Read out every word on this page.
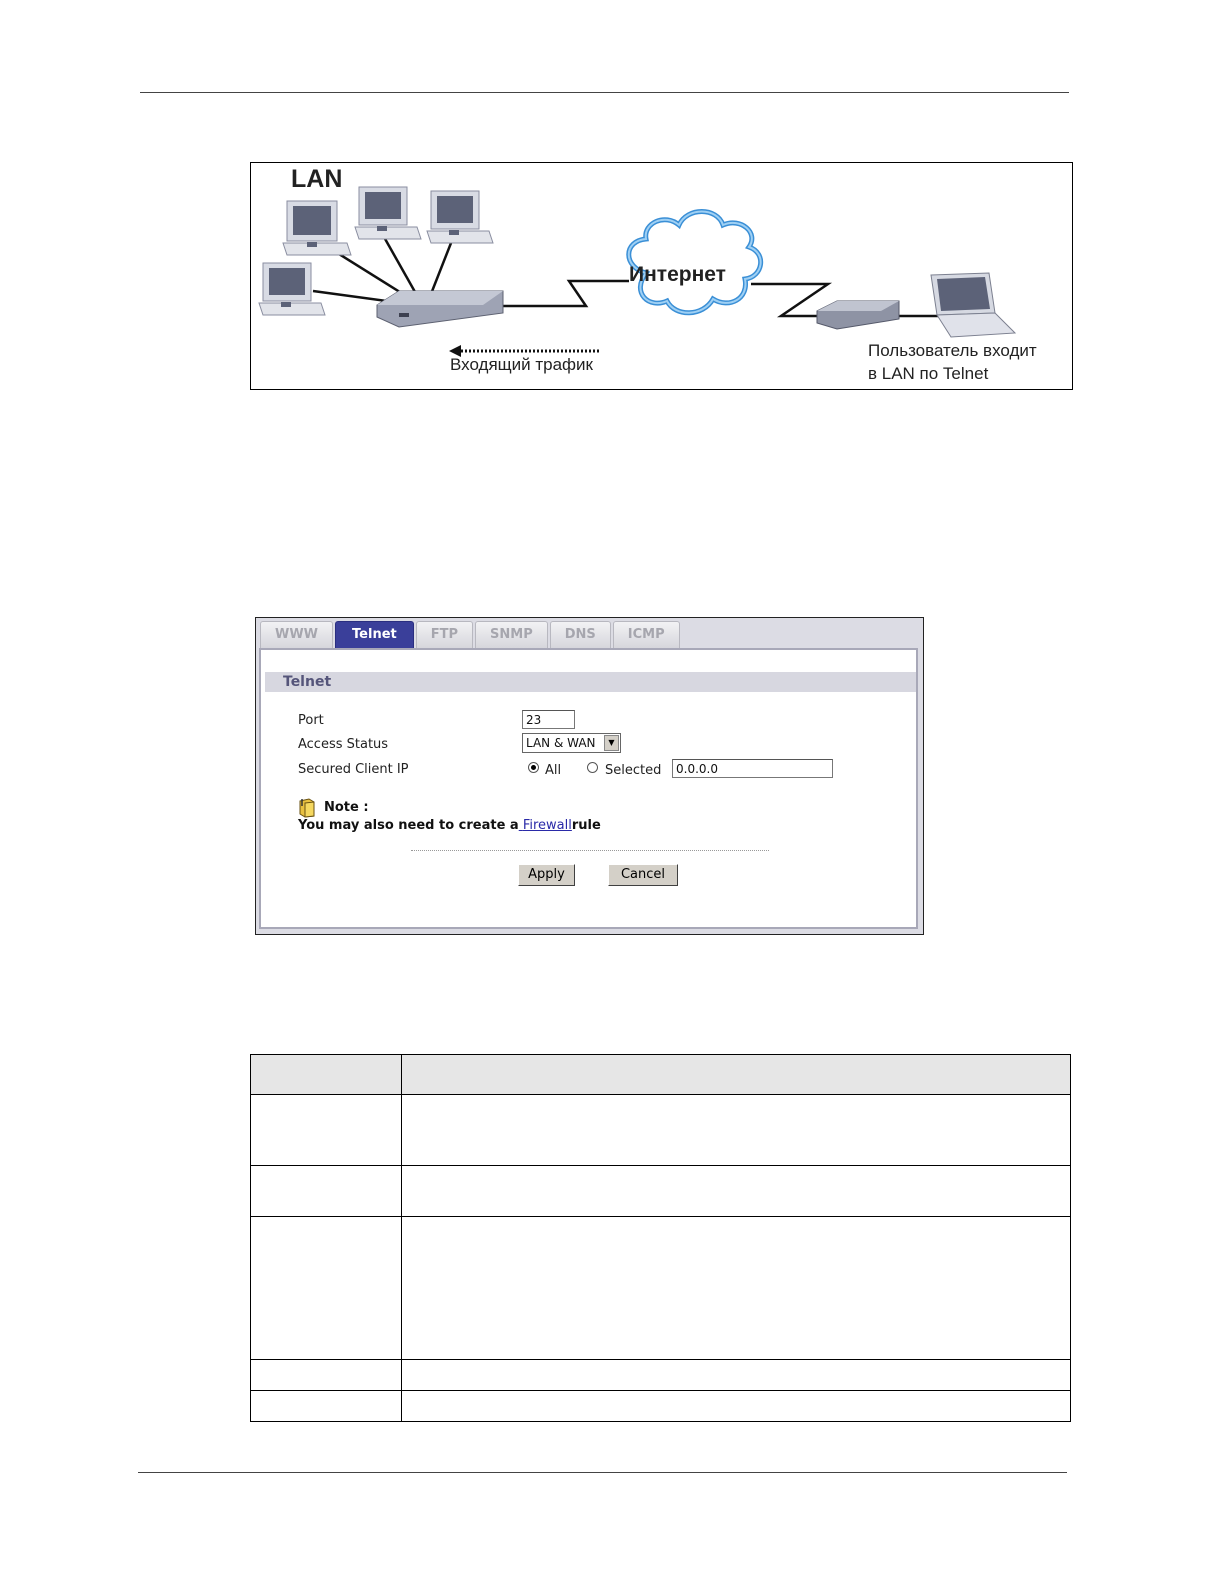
LAN
Интернет
Входящий трафик
Пользователь входит
в LAN по Telnet
WWW	Telnet	FTP	SNMP	DNS	ICMP
Telnet
Port	23
Access Status	LAN & WAN	▼
Secured Client IP	All	Selected	0.0.0.0
Note :
You may also need to create a Firewallrule
Apply	Cancel
